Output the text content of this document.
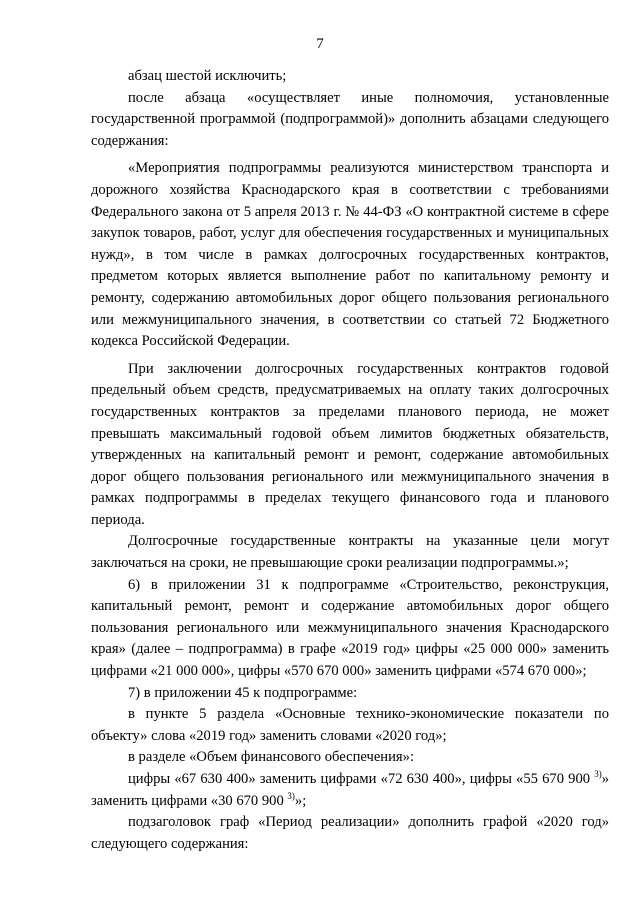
7

абзац шестой исключить;

после абзаца «осуществляет иные полномочия, установленные государственной программой (подпрограммой)» дополнить абзацами следующего содержания:

«Мероприятия подпрограммы реализуются министерством транспорта и дорожного хозяйства Краснодарского края в соответствии с требованиями Федерального закона от 5 апреля 2013 г. № 44-ФЗ «О контрактной системе в сфере закупок товаров, работ, услуг для обеспечения государственных и муниципальных нужд», в том числе в рамках долгосрочных государственных контрактов, предметом которых является выполнение работ по капитальному ремонту и ремонту, содержанию автомобильных дорог общего пользования регионального или межмуниципального значения, в соответствии со статьей 72 Бюджетного кодекса Российской Федерации.

При заключении долгосрочных государственных контрактов годовой предельный объем средств, предусматриваемых на оплату таких долгосрочных государственных контрактов за пределами планового периода, не может превышать максимальный годовой объем лимитов бюджетных обязательств, утвержденных на капитальный ремонт и ремонт, содержание автомобильных дорог общего пользования регионального или межмуниципального значения в рамках подпрограммы в пределах текущего финансового года и планового периода.

Долгосрочные государственные контракты на указанные цели могут заключаться на сроки, не превышающие сроки реализации подпрограммы.»;

6) в приложении 31 к подпрограмме «Строительство, реконструкция, капитальный ремонт, ремонт и содержание автомобильных дорог общего пользования регионального или межмуниципального значения Краснодарского края» (далее – подпрограмма) в графе «2019 год» цифры «25 000 000» заменить цифрами «21 000 000», цифры «570 670 000» заменить цифрами «574 670 000»;

7) в приложении 45 к подпрограмме:

в пункте 5 раздела «Основные технико-экономические показатели по объекту» слова «2019 год» заменить словами «2020 год»;

в разделе «Объем финансового обеспечения»:

цифры «67 630 400» заменить цифрами «72 630 400», цифры «55 670 900 $^{3)}$» заменить цифрами «30 670 900 $^{3)}$»;

подзаголовок граф «Период реализации» дополнить графой «2020 год» следующего содержания:
